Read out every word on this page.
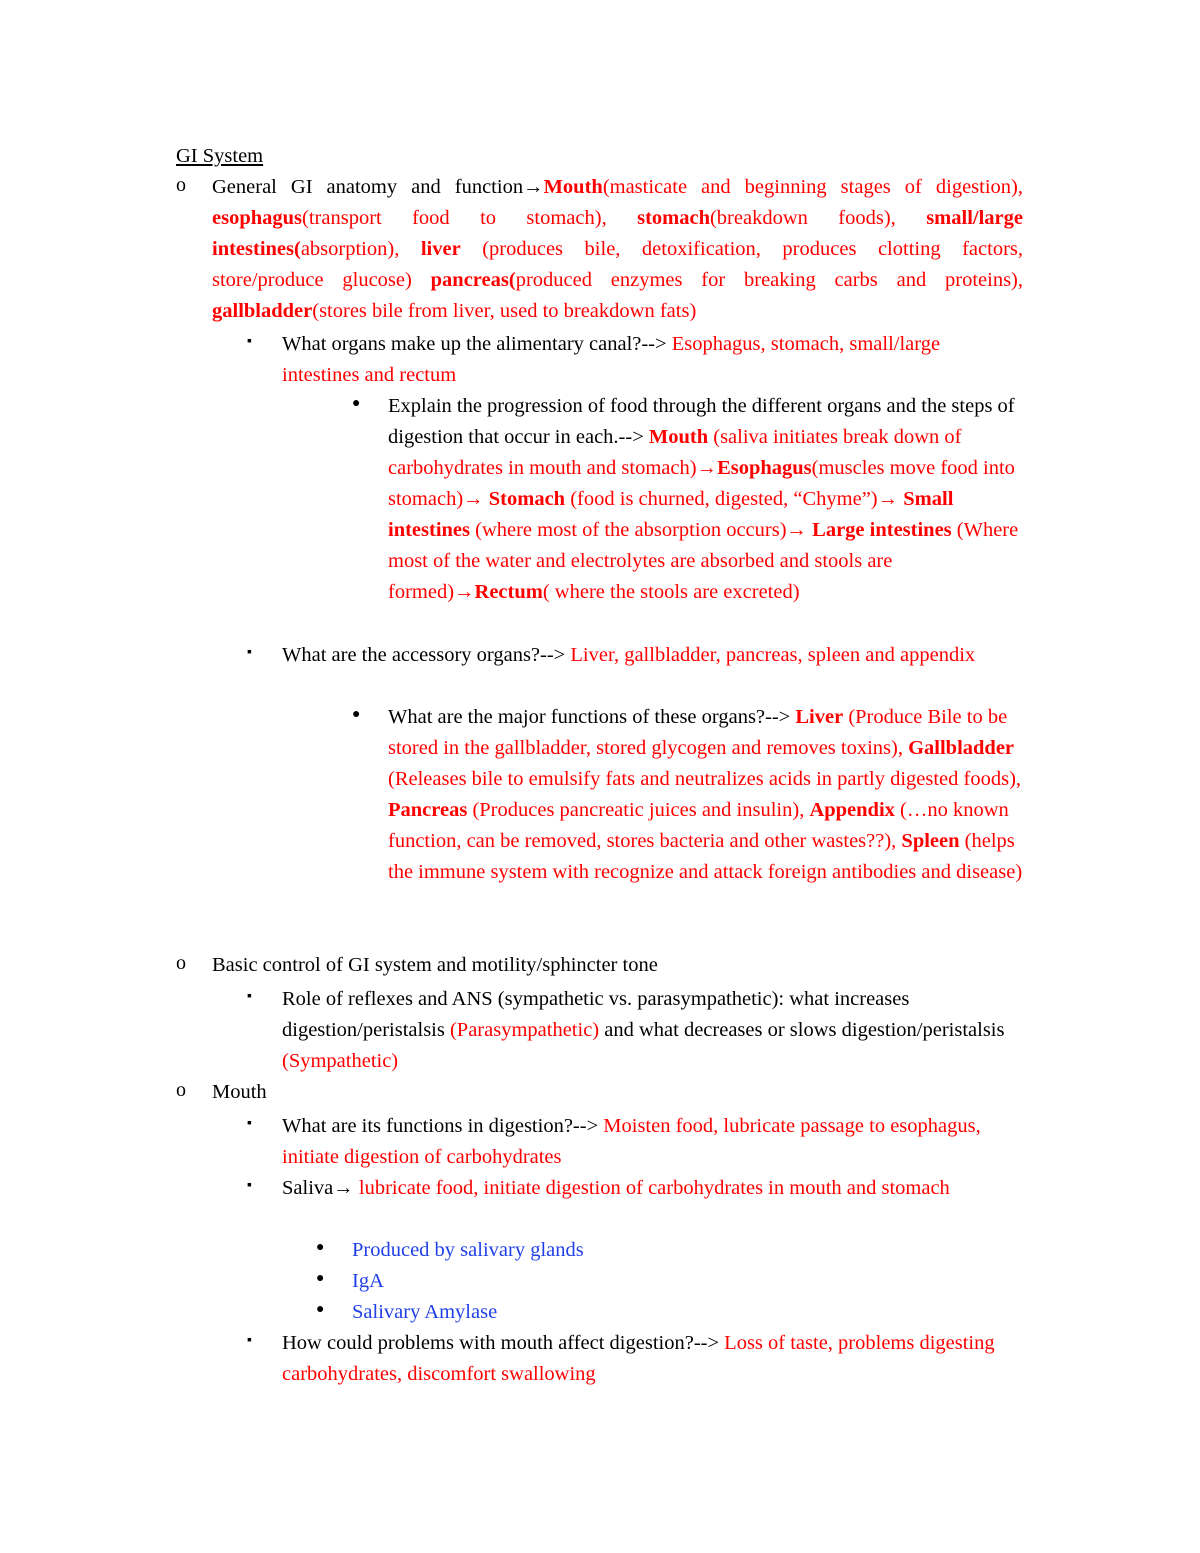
GI System
o General GI anatomy and function→Mouth(masticate and beginning stages of digestion), esophagus(transport food to stomach), stomach(breakdown foods), small/large intestines(absorption), liver (produces bile, detoxification, produces clotting factors, store/produce glucose) pancreas(produced enzymes for breaking carbs and proteins), gallbladder(stores bile from liver, used to breakdown fats)
▪ What organs make up the alimentary canal?--> Esophagus, stomach, small/large intestines and rectum
● Explain the progression of food through the different organs and the steps of digestion that occur in each.--> Mouth (saliva initiates break down of carbohydrates in mouth and stomach)→Esophagus(muscles move food into stomach)→ Stomach (food is churned, digested, “Chyme”)→ Small intestines (where most of the absorption occurs)→ Large intestines (Where most of the water and electrolytes are absorbed and stools are formed)→Rectum( where the stools are excreted)
▪ What are the accessory organs?--> Liver, gallbladder, pancreas, spleen and appendix
● What are the major functions of these organs?--> Liver (Produce Bile to be stored in the gallbladder, stored glycogen and removes toxins), Gallbladder (Releases bile to emulsify fats and neutralizes acids in partly digested foods), Pancreas (Produces pancreatic juices and insulin), Appendix (…no known function, can be removed, stores bacteria and other wastes??), Spleen (helps the immune system with recognize and attack foreign antibodies and disease)
o Basic control of GI system and motility/sphincter tone
▪ Role of reflexes and ANS (sympathetic vs. parasympathetic): what increases digestion/peristalsis (Parasympathetic) and what decreases or slows digestion/peristalsis (Sympathetic)
o Mouth
▪ What are its functions in digestion?--> Moisten food, lubricate passage to esophagus, initiate digestion of carbohydrates
▪ Saliva→ lubricate food, initiate digestion of carbohydrates in mouth and stomach
● Produced by salivary glands
● IgA
● Salivary Amylase
▪ How could problems with mouth affect digestion?--> Loss of taste, problems digesting carbohydrates, discomfort swallowing
